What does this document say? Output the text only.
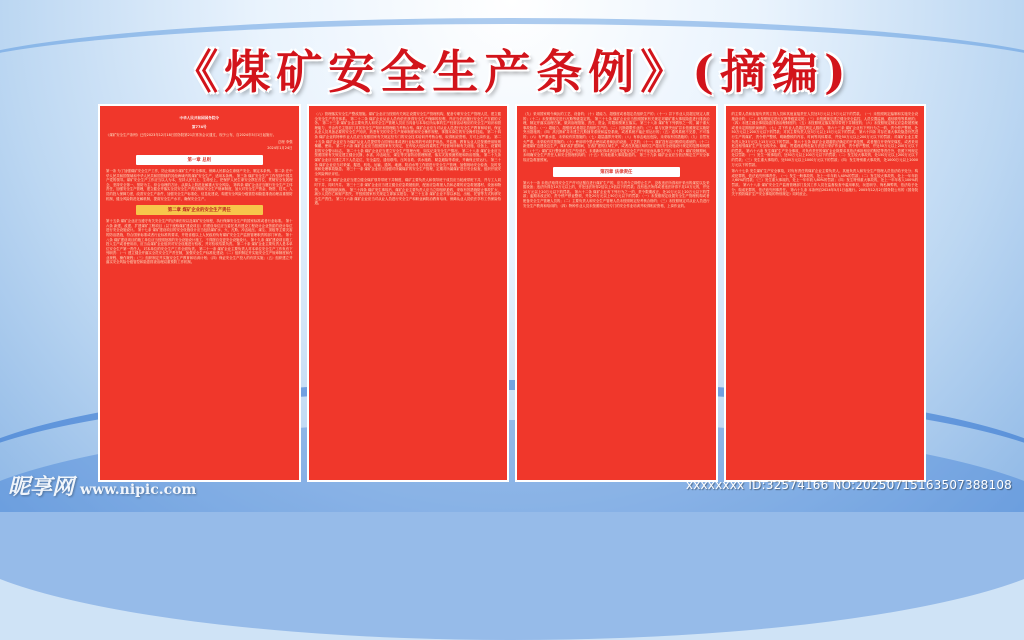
《煤矿安全生产条例》(摘编)

中华人民共和国国务院令

第774号

《煤矿安全生产条例》已经2023年12月18日国务院第21次常务会议通过，现予公布，自2024年5月1日起施行。

总理 李强

2024年1月24日

第一章 总则

第一条 为了加强煤矿安全生产工作，防止和减少煤矿生产安全事故，保障人民群众生命财产安全，制定本条例。 第二条 在中华人民共和国领域和中华人民共和国管辖的其他海域内的煤矿安全生产，适用本条例。 第三条 煤矿安全生产工作坚持中国共产党的领导。煤矿安全生产工作应当以人为本，坚持人民至上、生命至上，把保护人民生命安全摆在首位，贯彻安全发展理念，坚持安全第一、预防为主、综合治理的方针，从源头上防范化解重大安全风险。 第四条 煤矿企业应当履行安全生产主体责任，加强安全生产管理，建立健全并落实全员安全生产责任制和安全生产规章制度，加大对安全生产资金、物资、技术、人员的投入保障力度，改善安全生产条件，加强安全生产标准化、信息化建设，构建安全风险分级管控和隐患排查治理双重预防机制，健全风险防范化解机制，提高安全生产水平，确保安全生产。

第二章 煤矿企业的安全生产责任

第十五条 煤矿企业应当遵守有关安全生产的法律法规以及煤矿安全规程，执行保障安全生产的国家标准或者行业标准。 第十六条 新建、改建、扩建煤矿工程项目（以下统称煤矿建设项目）的建设单位应当委托具有建设工程设计企业资质的设计单位进行安全设施设计。 第十七条 煤矿建设项目的安全设施设计应当包括煤矿水、火、瓦斯、冲击地压、煤尘、顶板等主要灾害的防治措施，符合国家标准或者行业标准的要求，并报省级以上人民政府负有煤矿安全生产监督管理职责的部门审查。 第十八条 煤矿建设项目的施工单位应当按照批准的安全设施设计施工，不得擅自变更安全设施设计。 第十九条 煤矿建设项目竣工投入生产或者使用前，应当由煤矿企业组织对安全设施进行验收，并对验收结果负责。 第二十条 煤矿企业主要负责人是本单位安全生产第一责任人，对本单位的安全生产工作全面负责。 第二十一条 煤矿企业主要负责人对本单位安全生产工作负有下列职责：（一）建立健全并落实全员安全生产责任制，加强安全生产标准化建设；（二）组织制定并实施安全生产规章制度和作业规程、操作规程；（三）组织制定并实施安全生产教育和培训计划；（四）保证安全生产投入的有效实施；（五）组织建立并落实安全风险分级管控和隐患排查治理双重预防工作机制。

（八）管理落实安全生产整改措施。煤矿企业应当按照有关规定设置安全生产管理机构，配备专职安全生产管理人员，建立健全安全生产责任体系。 第二十二条 煤矿企业从业人员有依法获得安全生产保障的权利，并应当依法履行安全生产方面的义务。 第二十三条 煤矿企业主要负责人和安全生产管理人员应当具备与本单位所从事的生产经营活动相应的安全生产知识和管理能力，并由有关主管部门对其安全生产知识和管理能力考核合格。煤矿企业应当对从业人员进行安全生产教育和培训，保证从业人员具备必要的安全生产知识，熟悉有关的安全生产规章制度和安全操作规程，掌握本岗位的安全操作技能。 第二十四条 煤矿企业的特种作业人员应当按照国家有关规定经专门的安全技术培训并考核合格，取得相应资格，方可上岗作业。 第二十五条 煤矿企业应当为煤矿从业人员提供符合国家标准或者行业标准的劳动防护用品，并监督、教育从业人员按照使用规则佩戴、使用。 第二十六条 煤矿企业应当按照国家有关规定，在有较大危险因素的生产经营场所和有关设施、设备上，设置明显的安全警示标志。 第二十七条 煤矿企业应当建立安全生产管理台账，如实记录安全生产情况。 第二十八条 煤矿企业应当按照国家有关规定建立健全瓦斯、水害、冲击地压、煤尘等灾害防治管理制度，落实灾害预测预报和防治措施。 第二十九条 煤矿企业应当建立井下人员定位、安全监控、通信联络、压风自救、供水施救、紧急避险等系统，并确保正常运行。 第三十条 煤矿企业应当对采煤、掘进、机电、运输、通风、地测、防治水等工作面进行安全生产管理，加强现场安全检查，及时发现和处理事故隐患。 第三十一条 煤矿企业应当加强对所属煤矿的安全生产管理，定期对所属煤矿进行安全检查，组织开展安全风险辨识评估。

第三十二条 煤矿企业应当建立健全煤矿领导带班下井制度，煤矿主要负责人和领导班子成员应当轮流带班下井，并与工人同时下井、同时升井。 第三十三条 煤矿企业应当建立健全应急救援组织，配备应急救援人员和必要的应急救援器材、设备和物资，并定期组织演练。 第三十四条 煤矿发生事故后，煤矿企业主要负责人应当立即组织抢救，采取有效措施防止事故扩大，减少人员伤亡和财产损失，并按照国家有关规定立即如实报告。 第三十五条 煤矿企业不得以承包、出租、托管等方式转移安全生产责任。 第三十六条 煤矿企业应当对从业人员进行安全生产和职业病防治教育培训，保障从业人员依法享有工伤保险待遇。

（九）采用国家明令淘汰的工艺、设备的；（十）超能力、超强度或者超定员组织生产的；（十一）井下作业人员超过规定人数的；（十二）未按照规定进行瓦斯等级鉴定的。 第三十七条 煤矿企业应当按照国家有关规定对煤矿重大事故隐患进行排查治理，制定并落实治理方案，做到治理措施、责任、资金、时限和预案五落实。 第三十八条 煤矿有下列情形之一的，属于重大事故隐患：（一）超能力、超强度或者超定员组织生产的；（二）瓦斯超限作业的；（三）煤与瓦斯突出矿井未依照规定实施防突出措施的；（四）高瓦斯矿井未建立瓦斯抽采系统和监控系统，或者系统不能正常运行的；（五）通风系统不完善、不可靠的；（六）有严重水患，未采取有效措施的；（七）超层越界开采的；（八）有冲击地压危险，未采取有效措施的；（九）自然发火严重，未采取有效措施的；（十）使用明令禁止使用或者淘汰的设备、工艺的；（十一）煤矿没有双回路供电系统的；（十二）新建煤矿边建设边生产，煤矿改扩建期间，在改扩建的区域生产，或者在其他区域的生产超出安全设施设计规定的范围和规模的；（十三）煤矿实行整体承包生产经营后，未重新取得或者及时变更安全生产许可证而从事生产的；（十四）煤矿改制期间，未明确安全生产责任人和安全管理机构的；（十五）有其他重大事故隐患的。 第三十九条 煤矿企业应当依法制定生产安全事故应急救援预案。

第四章 法律责任

第六十一条 未依法取得安全生产许可证擅自进行煤矿生产的，应当责令立即停止生产，没收违法所得和开采出的煤炭以及采掘设备；违法所得在10万元以上的，并处违法所得2倍以上5倍以下的罚款；没有违法所得或者违法所得不足10万元的，并处10万元以上20万元以下的罚款。 第六十二条 煤矿企业有下列行为之一的，责令限期改正，处10万元以上20万元以下的罚款；逾期未改正的，责令停产停业整顿，并处20万元以上50万元以下的罚款：（一）未按照规定设置安全生产管理机构或者配备安全生产管理人员的；（二）主要负责人和安全生产管理人员未按照规定经考核合格的；（三）未按照规定对从业人员进行安全生产教育和培训的；（四）特种作业人员未按照规定经专门的安全作业培训并取得相应资格，上岗作业的。

的主要人员和直接负责的主管人员和其他直接责任人员处3万元以上5万元以下的罚款。（一）未按照规定编制和实施安全设施设计的；（二）未按照规定进行瓦斯等级鉴定的；（三）未按照规定建立健全安全监控、人员位置监测、通信联络等系统的；（四）未建立健全事故隐患排查治理制度的；（五）未按照规定落实领导带班下井制度的；（六）未按照规定制定应急救援预案或者未定期组织演练的；（七）井下作业人员超过规定人数的。 第六十三条 煤矿企业有下列行为之一的，责令停产整顿，处50万元以上200万元以下的罚款；对其主要负责人处3万元以上15万元以下的罚款。 第六十四条 对存在重大事故隐患仍然进行生产的煤矿，责令停产整顿，明确整顿的内容、时间等具体要求，并处50万元以上200万元以下的罚款；对煤矿企业主要负责人处3万元以上15万元以下的罚款。 第六十五条 煤矿企业超越依法确定的开采范围，或者擅自开采保安煤柱，或者采用危及相邻煤矿生产安全的决水、爆破、贯通巷道等危险方法进行采矿作业的，责令停产整顿，并处50万元以上200万元以下的罚款。 第六十六条 发生煤矿生产安全事故，对负有责任的煤矿企业除要求其依法承担相应的赔偿等责任外，依照下列规定处以罚款：（一）发生一般事故的，处50万元以上100万元以下的罚款；（二）发生较大事故的，处150万元以上200万元以下的罚款；（三）发生重大事故的，处500万元以上1000万元以下的罚款；（四）发生特别重大事故的，处1000万元以上2000万元以下的罚款。

第六十七条 发生煤矿生产安全事故，对负有责任的煤矿企业主要负责人、其他负责人和安全生产管理人员依法给予处分；构成犯罪的，依法追究刑事责任。（一）发生一般事故的，处上一年年收入40%的罚款；（二）发生较大事故的，处上一年年收入60%的罚款；（三）发生重大事故的，处上一年年收入80%的罚款；（四）发生特别重大事故的，处上一年年收入100%的罚款。 第六十八条 煤矿安全生产监督管理部门及其工作人员在监督检查中滥用职权、玩忽职守、徇私舞弊的，依法给予处分；构成犯罪的，依法追究刑事责任。 第六十九条 本条例自2024年5月1日起施行。2005年12月2日国务院公布的《国务院关于预防煤矿生产安全事故的特别规定》同时废止。

昵享网 www.nipic.com	xxxxxxxx ID:32574166 NO:20250715163507388108
